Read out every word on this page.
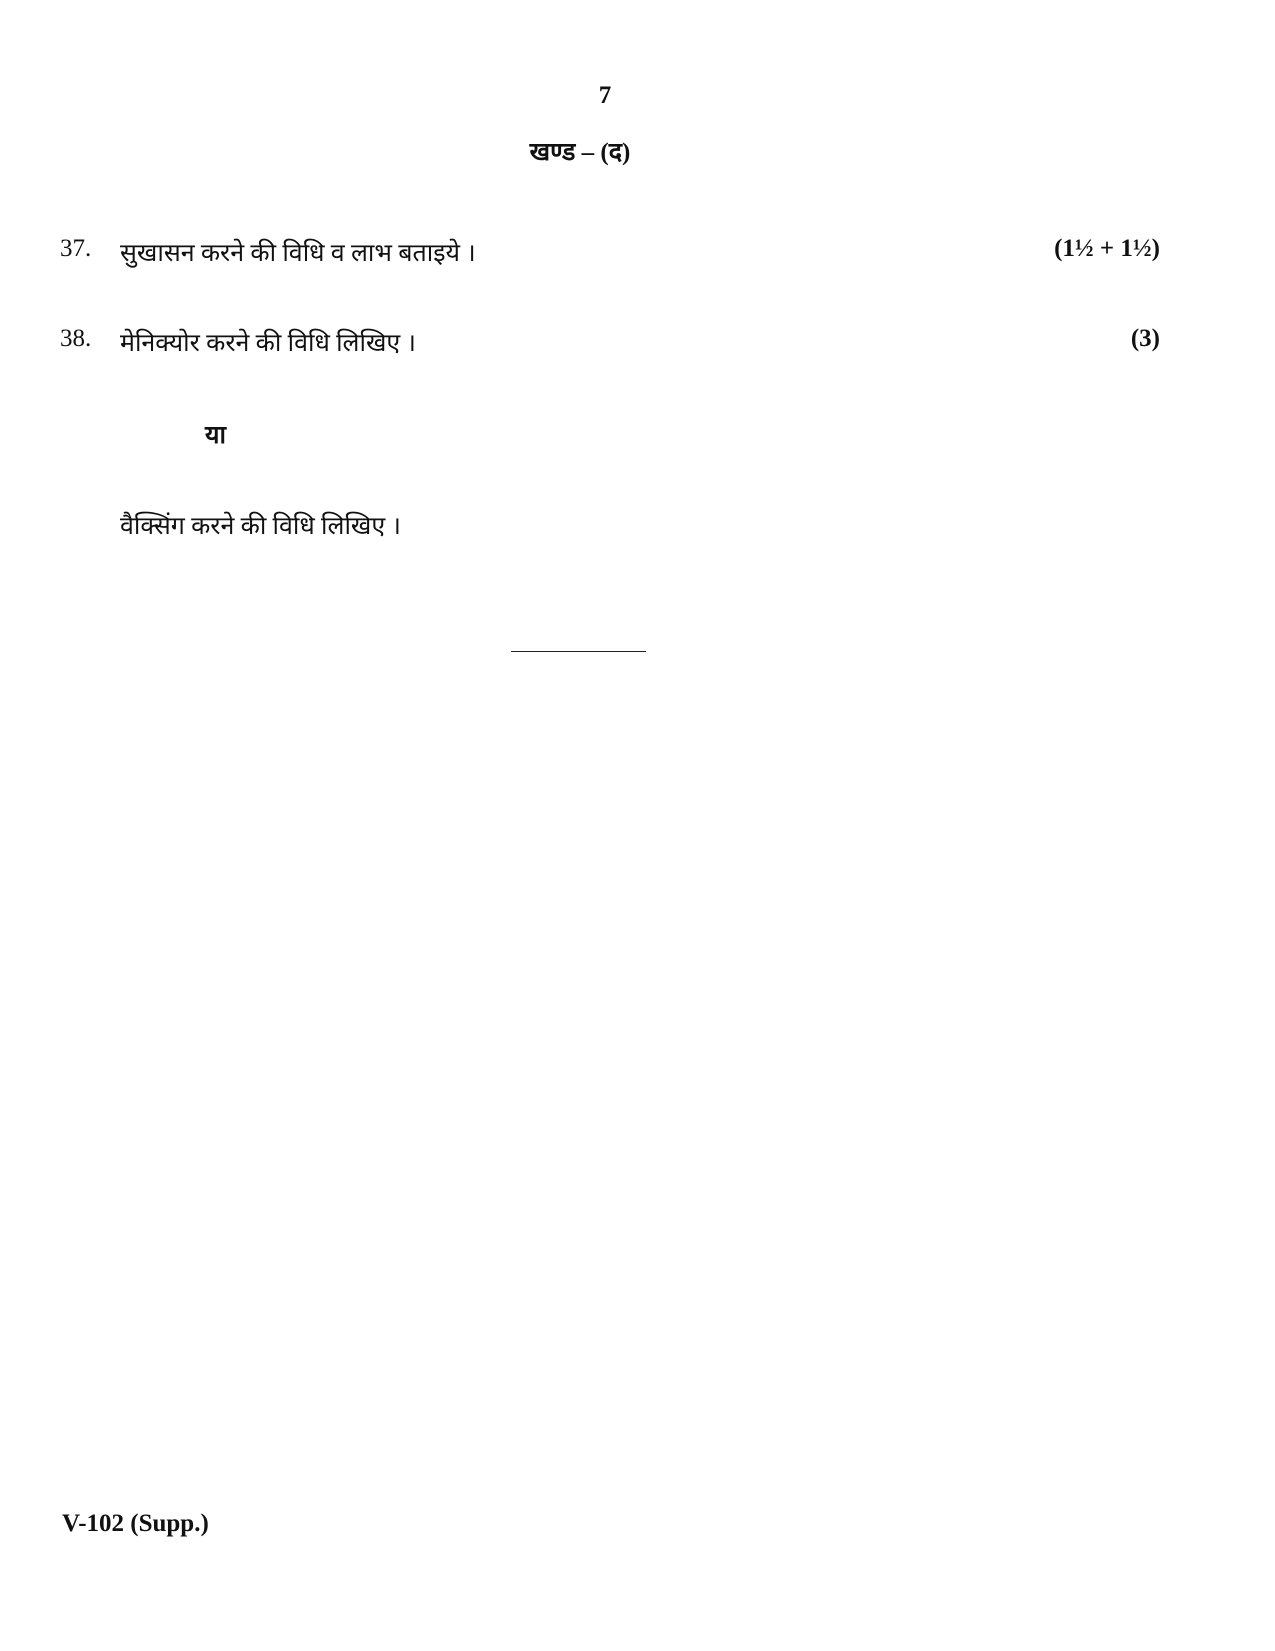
7
खण्ड – (द)
37. सुखासन करने की विधि व लाभ बताइये ।	(1½ + 1½)
38. मेनिक्योर करने की विधि लिखिए ।	(3)
या
वैक्सिंग करने की विधि लिखिए ।
V-102 (Supp.)
